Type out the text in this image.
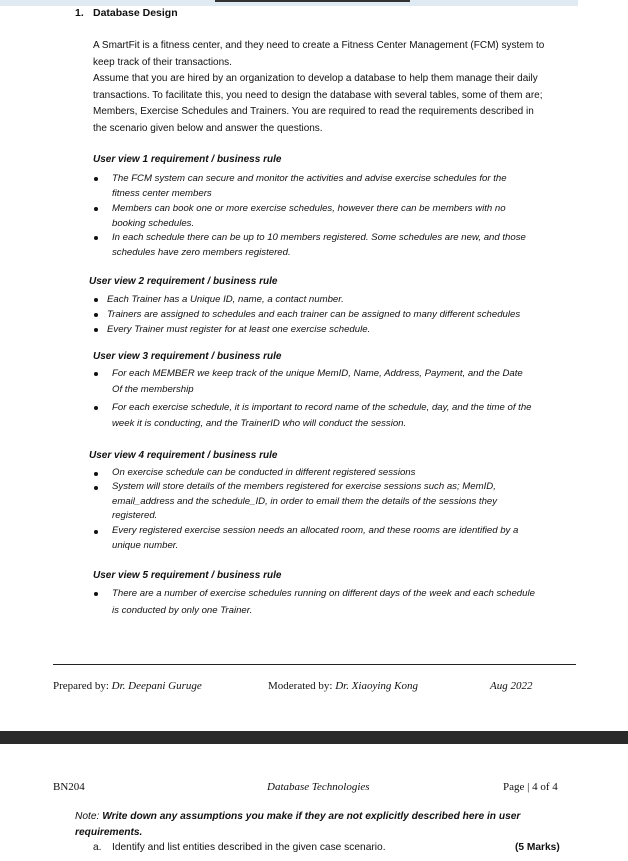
1. Database Design
A SmartFit is a fitness center, and they need to create a Fitness Center Management (FCM) system to
keep track of their transactions.
Assume that you are hired by an organization to develop a database to help them manage their daily
transactions. To facilitate this, you need to design the database with several tables, some of them are;
Members, Exercise Schedules and Trainers. You are required to read the requirements described in
the scenario given below and answer the questions.
User view 1 requirement / business rule
The FCM system can secure and monitor the activities and advise exercise schedules for the
fitness center members
Members can book one or more exercise schedules, however there can be members with no
booking schedules.
In each schedule there can be up to 10 members registered. Some schedules are new, and those
schedules have zero members registered.
User view 2 requirement / business rule
Each Trainer has a Unique ID, name, a contact number.
Trainers are assigned to schedules and each trainer can be assigned to many different schedules
Every Trainer must register for at least one exercise schedule.
User view 3 requirement / business rule
For each MEMBER we keep track of the unique MemID, Name, Address, Payment, and the Date
Of the membership
For each exercise schedule, it is important to record name of the schedule, day, and the time of the
week it is conducting, and the TrainerID who will conduct the session.
User view 4 requirement / business rule
On exercise schedule can be conducted in different registered sessions
System will store details of the members registered for exercise sessions such as; MemID,
email_address and the schedule_ID, in order to email them the details of the sessions they
registered.
Every registered exercise session needs an allocated room, and these rooms are identified by a
unique number.
User view 5 requirement / business rule
There are a number of exercise schedules running on different days of the week and each schedule
is conducted by only one Trainer.
Prepared by: Dr. Deepani Guruge	Moderated by: Dr. Xiaoying Kong	Aug 2022
BN204	Database Technologies	Page | 4 of 4
Note: Write down any assumptions you make if they are not explicitly described here in user
requirements.
a. Identify and list entities described in the given case scenario.	(5 Marks)
